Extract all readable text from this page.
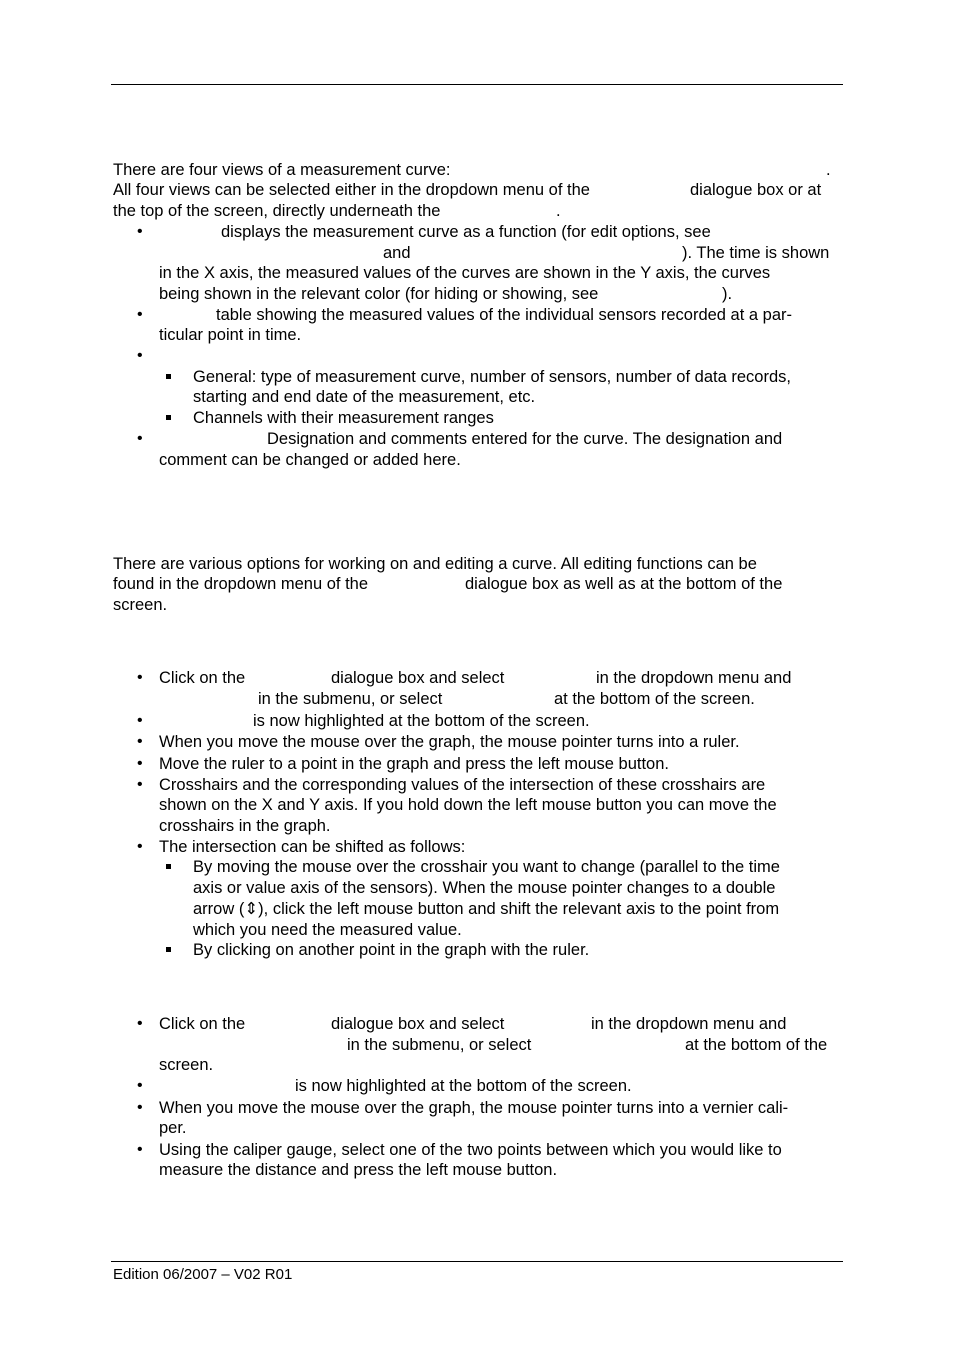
There are four views of a measurement curve:	.
All four views can be selected either in the dropdown menu of the	dialogue box or at
the top of the screen, directly underneath the	.
•	displays the measurement curve as a function (for edit options, see
and	). The time is shown
in the X axis, the measured values of the curves are shown in the Y axis, the curves
being shown in the relevant color (for hiding or showing, see	).
•	table showing the measured values of the individual sensors recorded at a par-
ticular point in time.
•
General: type of measurement curve, number of sensors, number of data records,
starting and end date of the measurement, etc.
Channels with their measurement ranges
•	Designation and comments entered for the curve. The designation and
comment can be changed or added here.
There are various options for working on and editing a curve. All editing functions can be
found in the dropdown menu of the	dialogue box as well as at the bottom of the
screen.
• Click on the	dialogue box and select	in the dropdown menu and
in the submenu, or select	at the bottom of the screen.
•	is now highlighted at the bottom of the screen.
• When you move the mouse over the graph, the mouse pointer turns into a ruler.
• Move the ruler to a point in the graph and press the left mouse button.
• Crosshairs and the corresponding values of the intersection of these crosshairs are
shown on the X and Y axis. If you hold down the left mouse button you can move the
crosshairs in the graph.
• The intersection can be shifted as follows:
By moving the mouse over the crosshair you want to change (parallel to the time
axis or value axis of the sensors). When the mouse pointer changes to a double
arrow (⇕), click the left mouse button and shift the relevant axis to the point from
which you need the measured value.
By clicking on another point in the graph with the ruler.
• Click on the	dialogue box and select	in the dropdown menu and
in the submenu, or select	at the bottom of the
screen.
•	is now highlighted at the bottom of the screen.
• When you move the mouse over the graph, the mouse pointer turns into a vernier cali-
per.
• Using the caliper gauge, select one of the two points between which you would like to
measure the distance and press the left mouse button.
Edition 06/2007 – V02 R01
